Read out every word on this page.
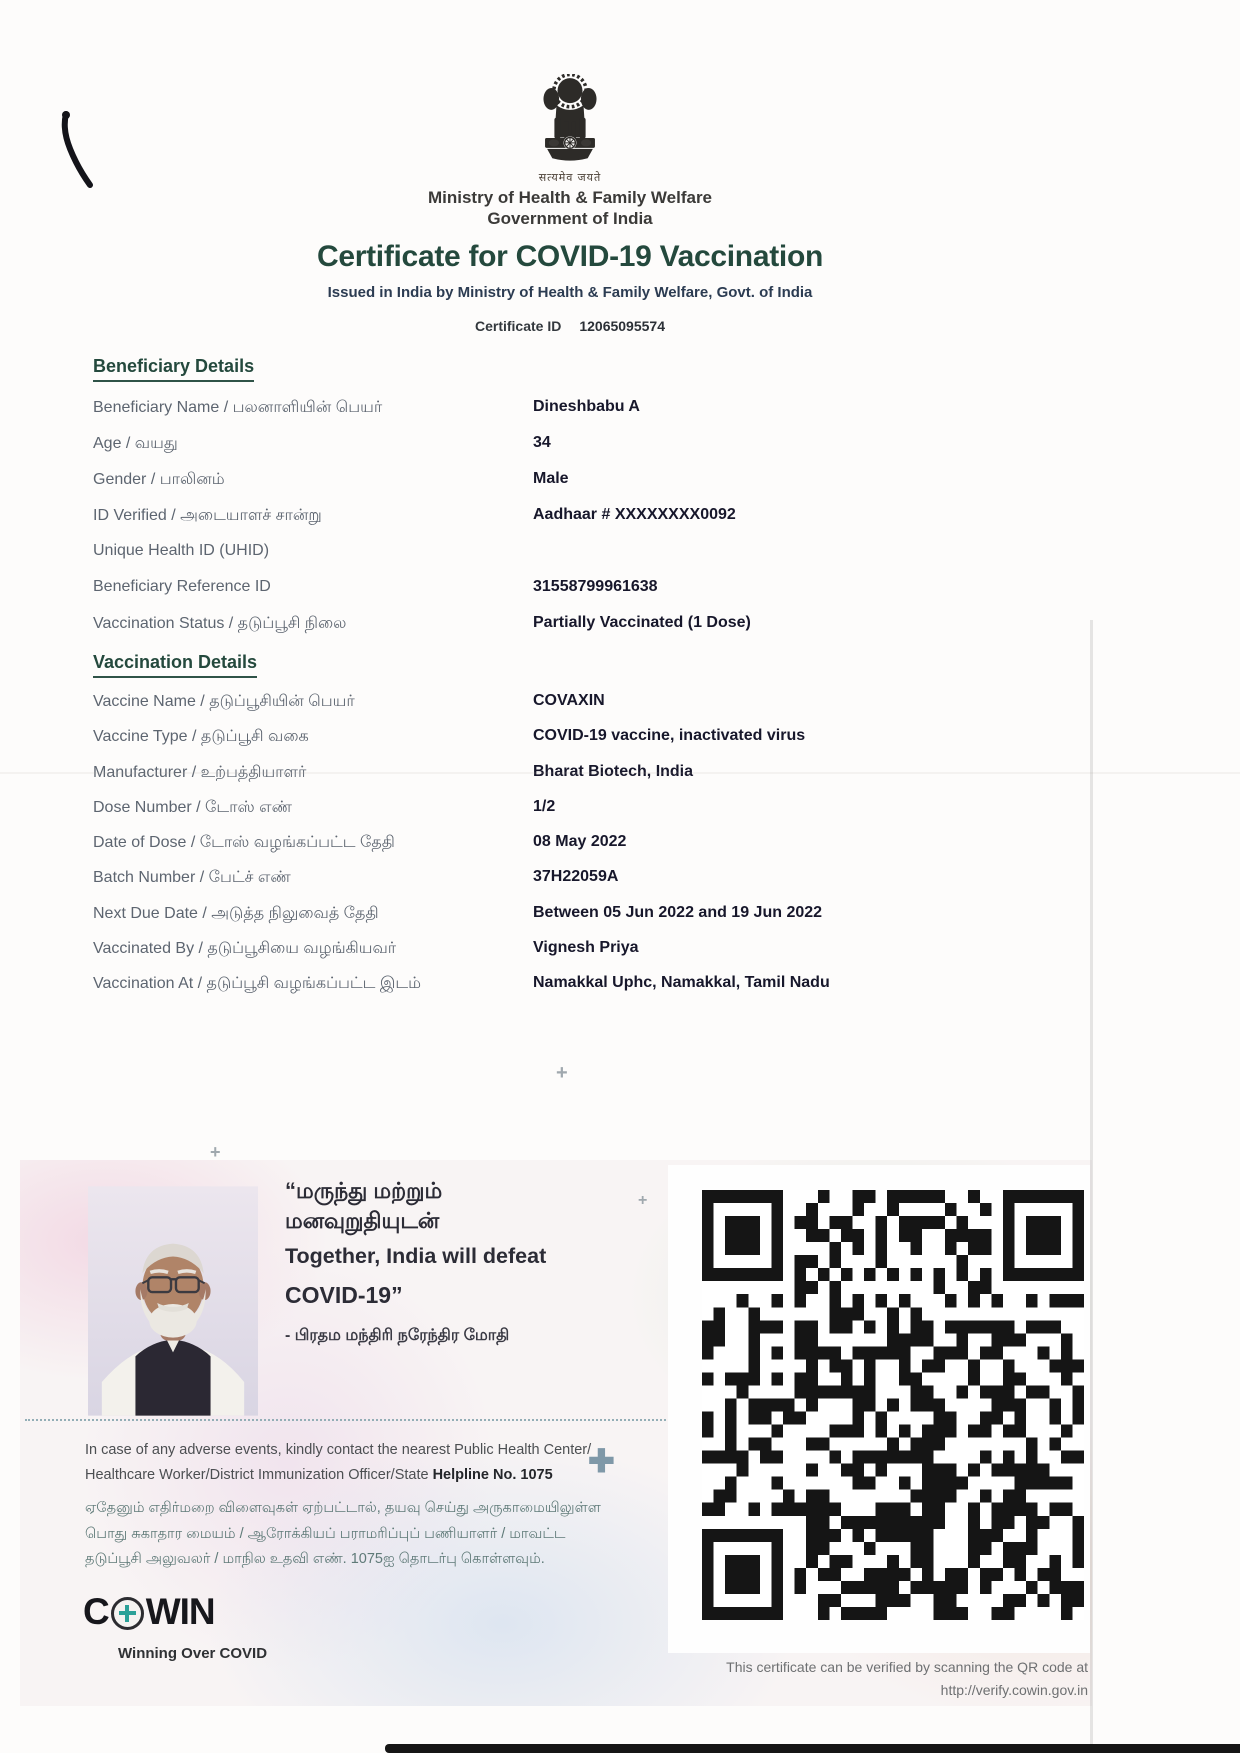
सत्यमेव जयते
Ministry of Health & Family Welfare
Government of India
Certificate for COVID-19 Vaccination
Issued in India by Ministry of Health & Family Welfare, Govt. of India
Certificate ID 12065095574
Beneficiary Details
Beneficiary Name / பலனாளியின் பெயர்	Dineshbabu A
Age / வயது	34
Gender / பாலினம்	Male
ID Verified / அடையாளச் சான்று	Aadhaar # XXXXXXXX0092
Unique Health ID (UHID)
Beneficiary Reference ID	31558799961638
Vaccination Status / தடுப்பூசி நிலை	Partially Vaccinated (1 Dose)
Vaccination Details
Vaccine Name / தடுப்பூசியின் பெயர்	COVAXIN
Vaccine Type / தடுப்பூசி வகை	COVID-19 vaccine, inactivated virus
Manufacturer / உற்பத்தியாளர்	Bharat Biotech, India
Dose Number / டோஸ் எண்	1/2
Date of Dose / டோஸ் வழங்கப்பட்ட தேதி	08 May 2022
Batch Number / பேட்ச் எண்	37H22059A
Next Due Date / அடுத்த நிலுவைத் தேதி	Between 05 Jun 2022 and 19 Jun 2022
Vaccinated By / தடுப்பூசியை வழங்கியவர்	Vignesh Priya
Vaccination At / தடுப்பூசி வழங்கப்பட்ட இடம்	Namakkal Uphc, Namakkal, Tamil Nadu
“மருந்து மற்றும்
மனவுறுதியுடன்
Together, India will defeat
COVID-19”
- பிரதம மந்திரி நரேந்திர மோதி
+
+
+
✚
In case of any adverse events, kindly contact the nearest Public Health Center/
Healthcare Worker/District Immunization Officer/State Helpline No. 1075
ஏதேனும் எதிர்மறை விளைவுகள் ஏற்பட்டால், தயவு செய்து அருகாமையிலுள்ள பொது சுகாதார மையம் / ஆரோக்கியப் பராமரிப்புப் பணியாளர் / மாவட்ட தடுப்பூசி அலுவலர் / மாநில உதவி எண். 1075ஐ தொடர்பு கொள்ளவும்.
C WIN
Winning Over COVID
This certificate can be verified by scanning the QR code at
http://verify.cowin.gov.in
